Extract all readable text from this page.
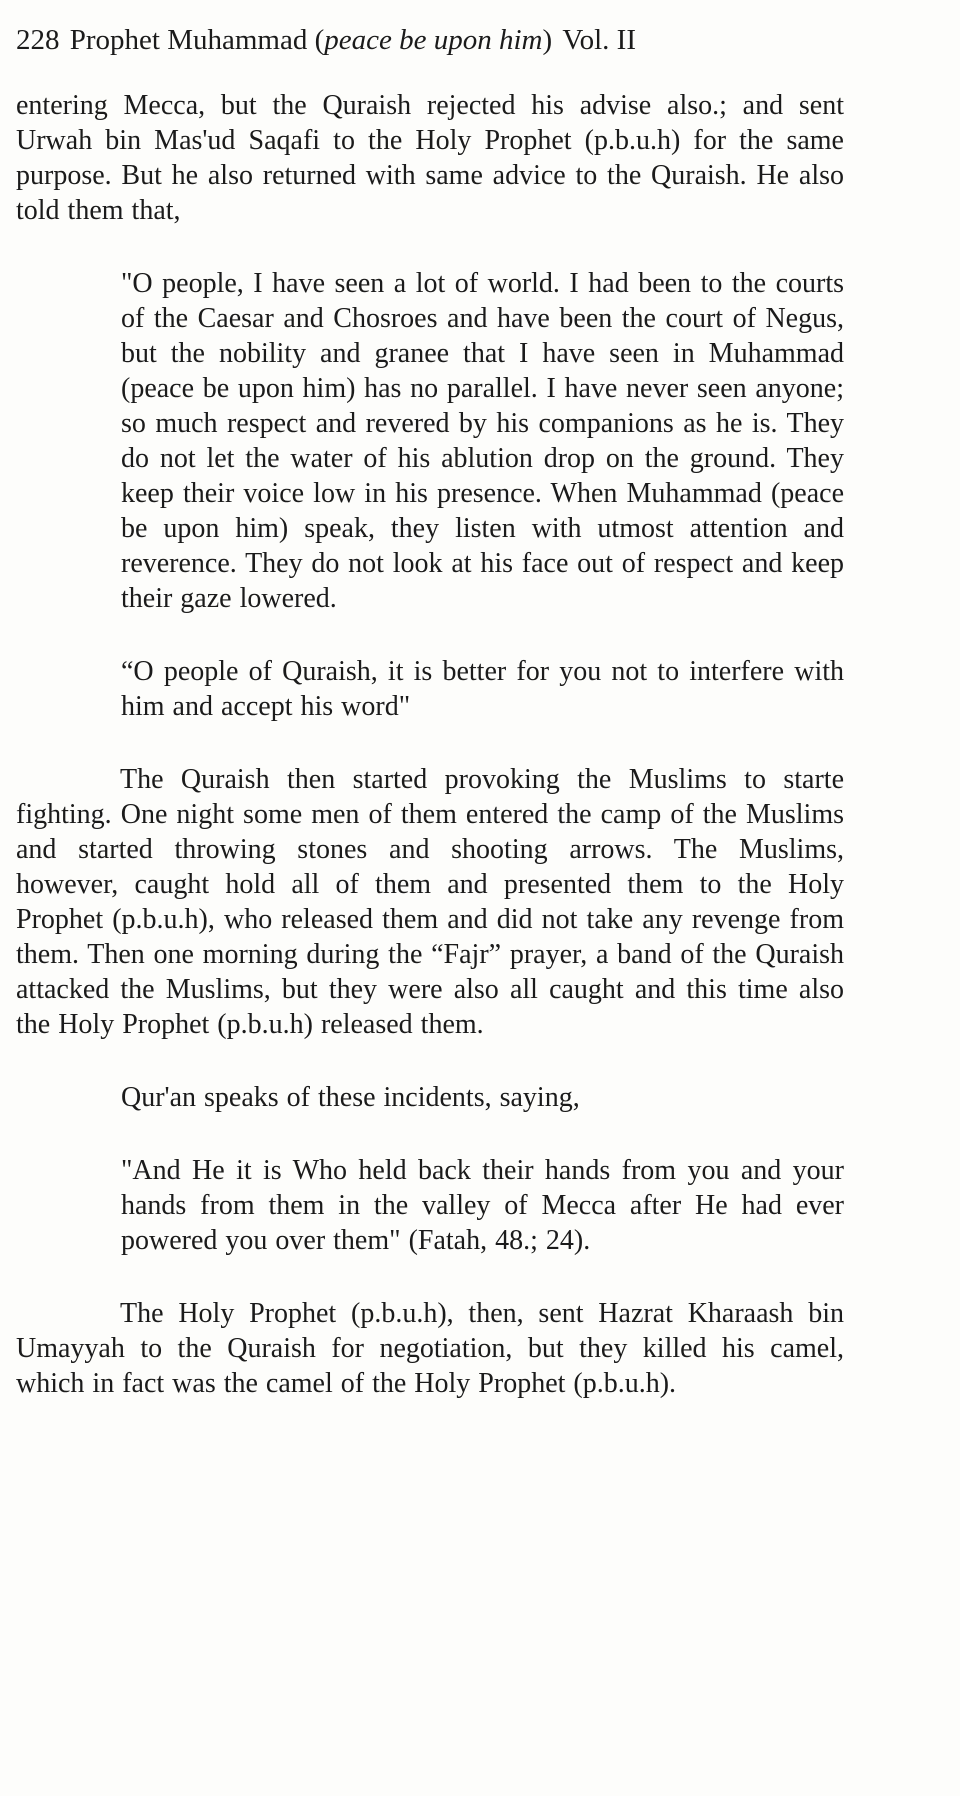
228 Prophet Muhammad (peace be upon him) Vol. II

entering Mecca, but the Quraish rejected his advise also.; and sent Urwah bin Mas'ud Saqafi to the Holy Prophet (p.b.u.h) for the same purpose. But he also returned with same advice to the Quraish. He also told them that,

"O people, I have seen a lot of world. I had been to the courts of the Caesar and Chosroes and have been the court of Negus, but the nobility and granee that I have seen in Muhammad (peace be upon him) has no parallel. I have never seen anyone; so much respect and revered by his companions as he is. They do not let the water of his ablution drop on the ground. They keep their voice low in his presence. When Muhammad (peace be upon him) speak, they listen with utmost attention and reverence. They do not look at his face out of respect and keep their gaze lowered.

“O people of Quraish, it is better for you not to interfere with him and accept his word"

The Quraish then started provoking the Muslims to starte fighting. One night some men of them entered the camp of the Muslims and started throwing stones and shooting arrows. The Muslims, however, caught hold all of them and presented them to the Holy Prophet (p.b.u.h), who released them and did not take any revenge from them. Then one morning during the “Fajr” prayer, a band of the Quraish attacked the Muslims, but they were also all caught and this time also the Holy Prophet (p.b.u.h) released them.

Qur'an speaks of these incidents, saying,

"And He it is Who held back their hands from you and your hands from them in the valley of Mecca after He had ever powered you over them" (Fatah, 48.; 24).

The Holy Prophet (p.b.u.h), then, sent Hazrat Kharaash bin Umayyah to the Quraish for negotiation, but they killed his camel, which in fact was the camel of the Holy Prophet (p.b.u.h).
